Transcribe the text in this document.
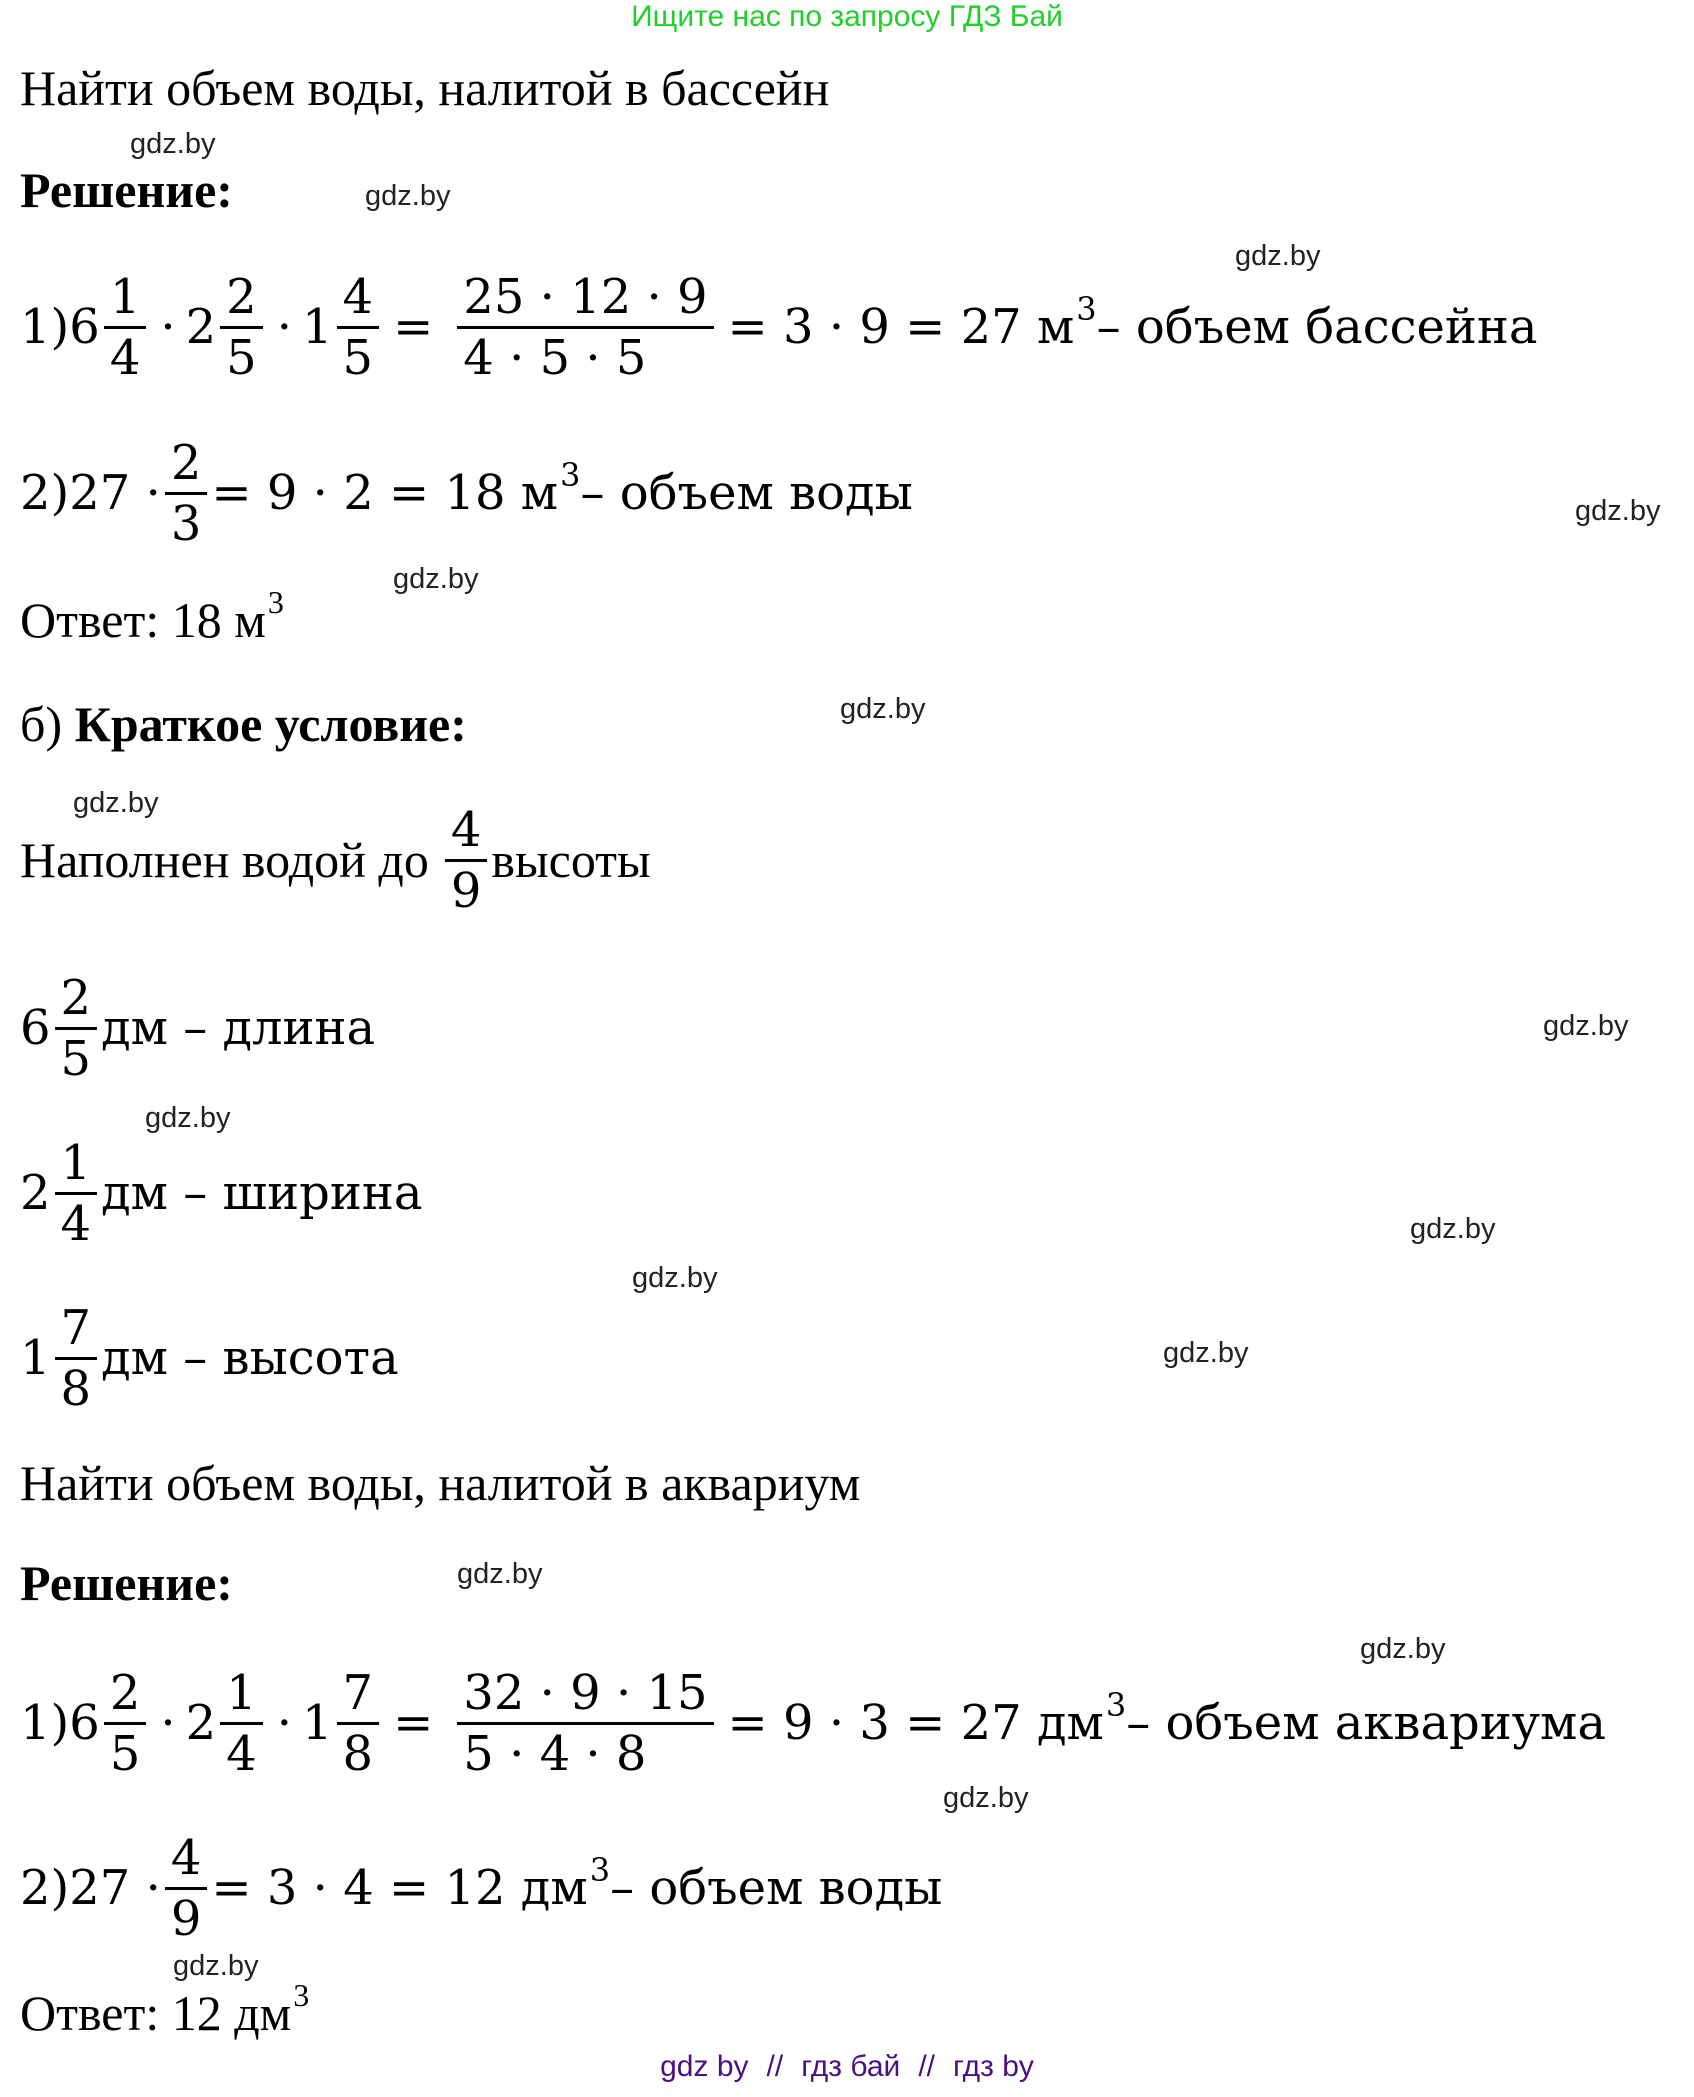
Ищите нас по запросу ГДЗ Бай
Найти объем воды, налитой в бассейн
gdz.by
Решение:	gdz.by
gdz.by
1) $6 \frac{1}{4} \cdot 2 \frac{2}{5} \cdot 1 \frac{4}{5} = \frac{25 \cdot 12 \cdot 9}{4 \cdot 5 \cdot 5} = 3 \cdot 9 = 27$ м 3 – объем бассейна
$2)27 \cdot \frac{2}{3} = 9 \cdot 2 = 18$ м 3 – объем воды	gdz.by
gdz.by
Ответ: 18 $м^3$
б) Краткое условие:	gdz.by
gdz.by
Наполнен водой до $\frac{4}{9}$ высоты
$6 \frac{2}{5}$ дм – длина	gdz.by
gdz.by
$2 \frac{1}{4}$ дм – ширина
gdz.by
gdz.by
$1 \frac{7}{8}$ дм – высота	gdz.by
Найти объем воды, налитой в аквариум
Решение:	gdz.by
gdz.by
1) $6 \frac{2}{5} \cdot 2 \frac{1}{4} \cdot 1 \frac{7}{8} = \frac{32 \cdot 9 \cdot 15}{5 \cdot 4 \cdot 8} = 9 \cdot 3 = 27$ дм 3 – объем аквариума
gdz.by
$2)27 \cdot \frac{4}{9} = 3 \cdot 4 = 12$ дм 3 – объем воды
gdz.by
Ответ: 12 $дм^3$
gdz by // гдз бай // гдз by
